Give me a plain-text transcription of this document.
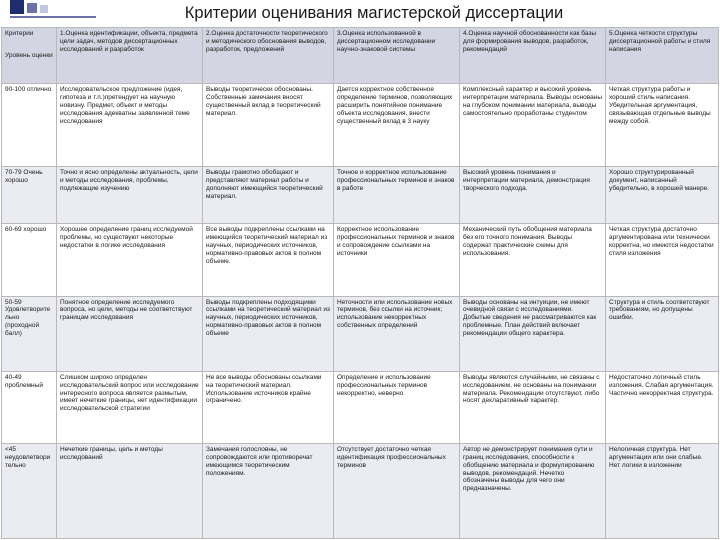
Критерии оценивания магистерской диссертации
Критерии
Уровень оценки	1.Оценка идентификации, объекта, предмета цели задач, методов диссертационных исследований и разработок	2.Оценка достаточности теоретического и методического обоснования выводов, разработок, предложений	3.Оценка использованной в диссертационном исследовании научно-знаковой системы	4.Оценка научной обоснованности как базы для формирования выводов, разработок, рекомендаций	5.Оценка четкости структуры диссертационной работы и стиля написания
90-100 отлично	Исследовательское предложение (идея, гипотеза и т.п.)претендует на научную новизну. Предмет, объект и методы исследования адекватны заявленной теме исследования	Выводы теоретически обоснованы. Собственные замечания вносят существенный вклад в теоретический материал.	Дается корректное собственное определение терминов, позволяющих расширить понятийное понимание объекта исследования, внести существенный вклад в 3 науку	Комплексный характер и высокий уровень интерпретации материала. Выводы основаны на глубоком понимании материала, выводы самостоятельно проработаны студентом	Четкая структура работы и хороший стиль написания. Убедительная аргументация, связывающая отдельные выводы между собой.
70-79 Очень хорошо	Точно и ясно определены актуальность, цели и методы исследования, проблемы, подлежащие изучению	Выводы грамотно обобщают и представляют материал работы и дополняют имеющийся теоретический материал.	Точное и корректное использование профессиональных терминов и знаков в работе	Высокий уровень понимания и интерпретации материала, демонстрация творческого подхода.	Хорошо структурированный документ, написанный убедительно, в хорошей манере.
60-69 хорошо	Хорошее определение границ исследуемой проблемы, но существуют некоторые недостатки в логике исследования	Все выводы подкреплены ссылками на имеющийся теоретический материал из научных, периодических источников, нормативно-правовых актов в полном объеме.	Корректное использование профессиональных терминов и знаков и сопровождение ссылками на источники	Механический путь обобщения материала без его точного понимания. Выводы содержат практические схемы для использования.	Четкая структура достаточно аргументирована или технически корректна, но имеются недостатки стиля изложения
50-59 Удовлетворительно (проходной балл)	Понятное определение исследуемого вопроса, но цели, методы не соответствуют границам исследования	Выводы подкреплены подходящими ссылками на теоретический материал из научных, периодических источников, нормативно-правовых актов в полном объеме	Неточности или использование новых терминов, без ссылки на источник; использование некорректных собственных определений	Выводы основаны на интуиции, не имеют очевидной связи с исследованиями. Добытые сведения не рассматриваются как проблемные. План действий включает рекомендации общего характера.	Структура и стиль соответствуют требованиям, но допущены ошибки.
40-49 проблемный	Слишком широко определен исследовательский вопрос или исследование интересного вопроса является размытым, имеет нечеткие границы, нет идентификации исследовательской стратегии	Не все выводы обоснованы ссылками на теоретический материал. Использование источников крайне ограничено.	Определение и использование профессиональных терминов некорректно, неверно	Выводы являются случайными, не связаны с исследованием, не основаны на понимании материала. Рекомендации отсутствуют, либо носят декларативный характер.	Недостаточно логичный стиль изложения. Слабая аргументация. Частично некорректная структура.
<45 неудовлетворительно	Нечеткие границы, цель и методы исследований	Замечания голословны, не сопровождаются или противоречат имеющимся теоретическим положениям.	Отсутствует достаточно четкая идентификация профессиональных терминов	Автор не демонстрирует понимания сути и границ исследования, способности к обобщению материала и формулированию выводов, рекомендаций. Нечетко обозначены выводы для чего они предназначены.	Нелогичная структура. Нет аргументации или они слабые. Нет логики в изложении
